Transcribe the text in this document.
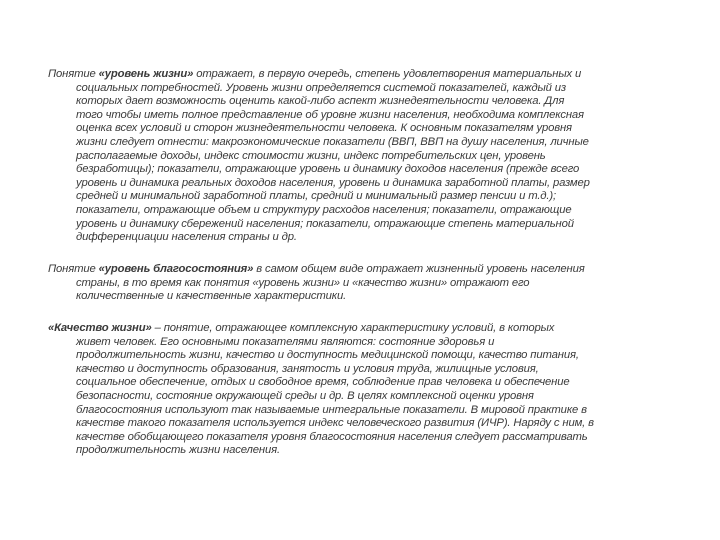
Понятие «уровень жизни» отражает, в первую очередь, степень удовлетворения материальных и
социальных потребностей. Уровень жизни определяется системой показателей, каждый из
которых дает возможность оценить какой-либо аспект жизнедеятельности человека. Для
того чтобы иметь полное представление об уровне жизни населения, необходима комплексная
оценка всех условий и сторон жизнедеятельности человека. К основным показателям уровня
жизни следует отнести: макроэкономические показатели (ВВП, ВВП на душу населения, личные
располагаемые доходы, индекс стоимости жизни, индекс потребительских цен, уровень
безработицы); показатели, отражающие уровень и динамику доходов населения (прежде всего
уровень и динамика реальных доходов населения, уровень и динамика заработной платы, размер
средней и минимальной заработной платы, средний и минимальный размер пенсии и т.д.);
показатели, отражающие объем и структуру расходов населения; показатели, отражающие
уровень и динамику сбережений населения; показатели, отражающие степень материальной
дифференциации населения страны и др.
Понятие «уровень благосостояния» в самом общем виде отражает жизненный уровень населения
страны, в то время как понятия «уровень жизни» и «качество жизни» отражают его
количественные и качественные характеристики.
«Качество жизни» – понятие, отражающее комплексную характеристику условий, в которых
живет человек. Его основными показателями являются: состояние здоровья и
продолжительность жизни, качество и доступность медицинской помощи, качество питания,
качество и доступность образования, занятость и условия труда, жилищные условия,
социальное обеспечение, отдых и свободное время, соблюдение прав человека и обеспечение
безопасности, состояние окружающей среды и др. В целях комплексной оценки уровня
благосостояния используют так называемые интегральные показатели. В мировой практике в
качестве такого показателя используется индекс человеческого развития (ИЧР). Наряду с ним, в
качестве обобщающего показателя уровня благосостояния населения следует рассматривать
продолжительность жизни населения.
